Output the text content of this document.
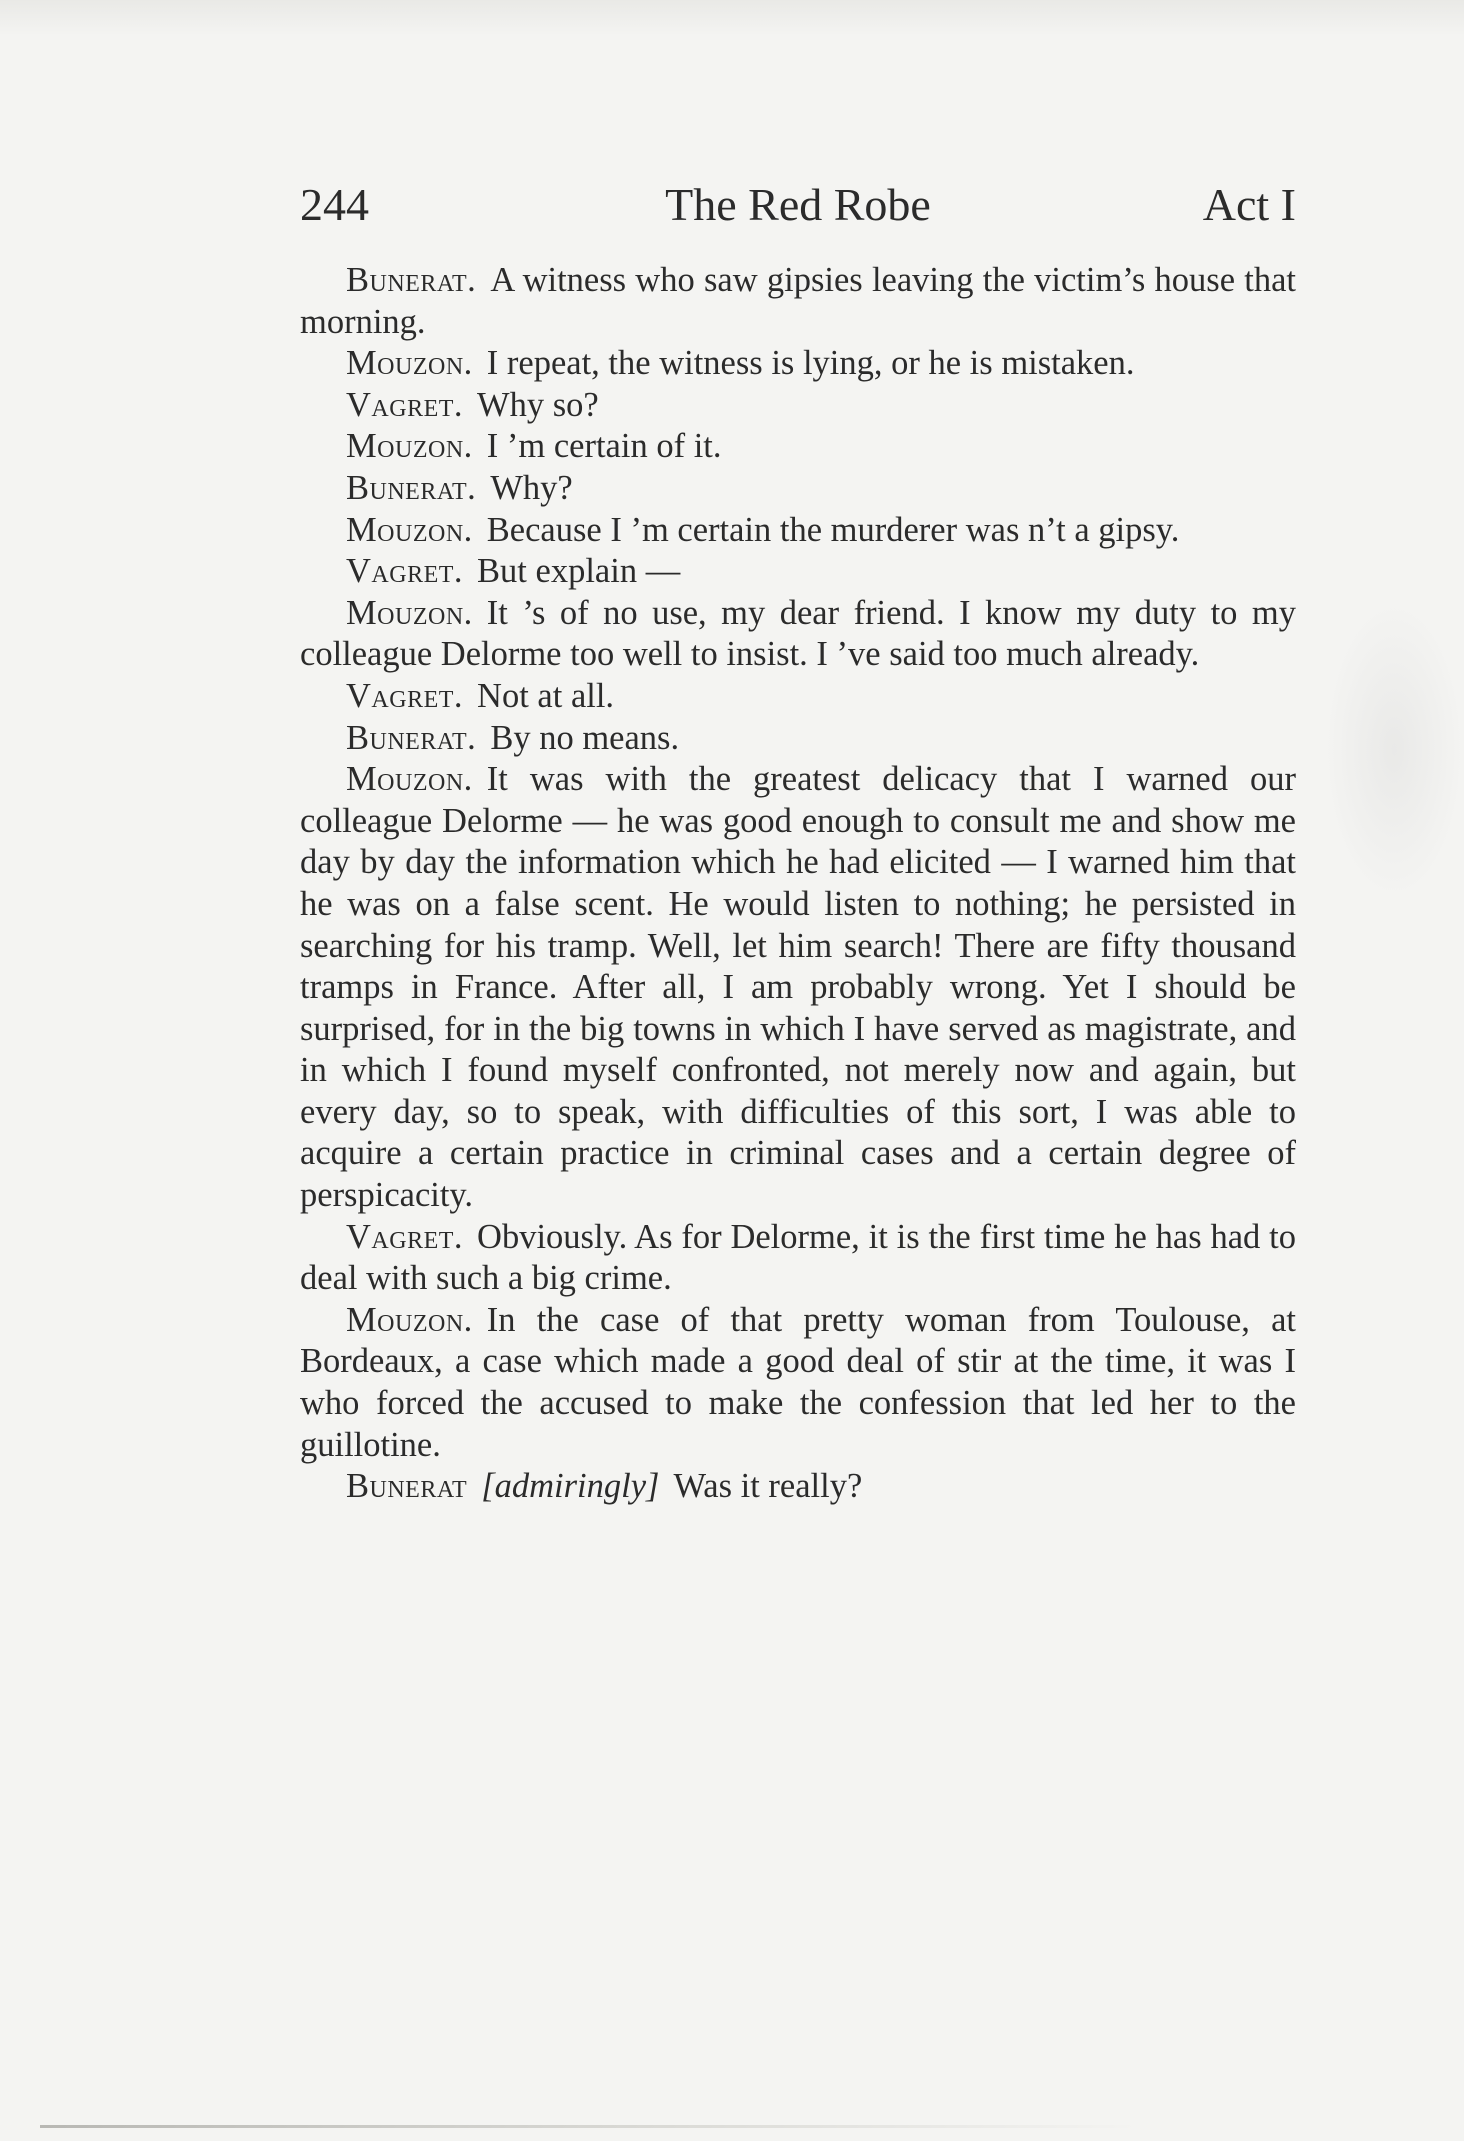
244	The Red Robe	Act I

Bunerat. A witness who saw gipsies leaving the victim’s house that morning.

Mouzon. I repeat, the witness is lying, or he is mistaken.

Vagret. Why so?

Mouzon. I ’m certain of it.

Bunerat. Why?

Mouzon. Because I ’m certain the murderer was n’t a gipsy.

Vagret. But explain —

Mouzon. It ’s of no use, my dear friend. I know my duty to my colleague Delorme too well to insist. I ’ve said too much already.

Vagret. Not at all.

Bunerat. By no means.

Mouzon. It was with the greatest delicacy that I warned our colleague Delorme — he was good enough to consult me and show me day by day the information which he had elicited — I warned him that he was on a false scent. He would listen to nothing; he persisted in searching for his tramp. Well, let him search! There are fifty thousand tramps in France. After all, I am probably wrong. Yet I should be surprised, for in the big towns in which I have served as magistrate, and in which I found myself confronted, not merely now and again, but every day, so to speak, with difficulties of this sort, I was able to acquire a certain practice in criminal cases and a certain degree of perspicacity.

Vagret. Obviously. As for Delorme, it is the first time he has had to deal with such a big crime.

Mouzon. In the case of that pretty woman from Toulouse, at Bordeaux, a case which made a good deal of stir at the time, it was I who forced the accused to make the confession that led her to the guillotine.

Bunerat [admiringly] Was it really?
